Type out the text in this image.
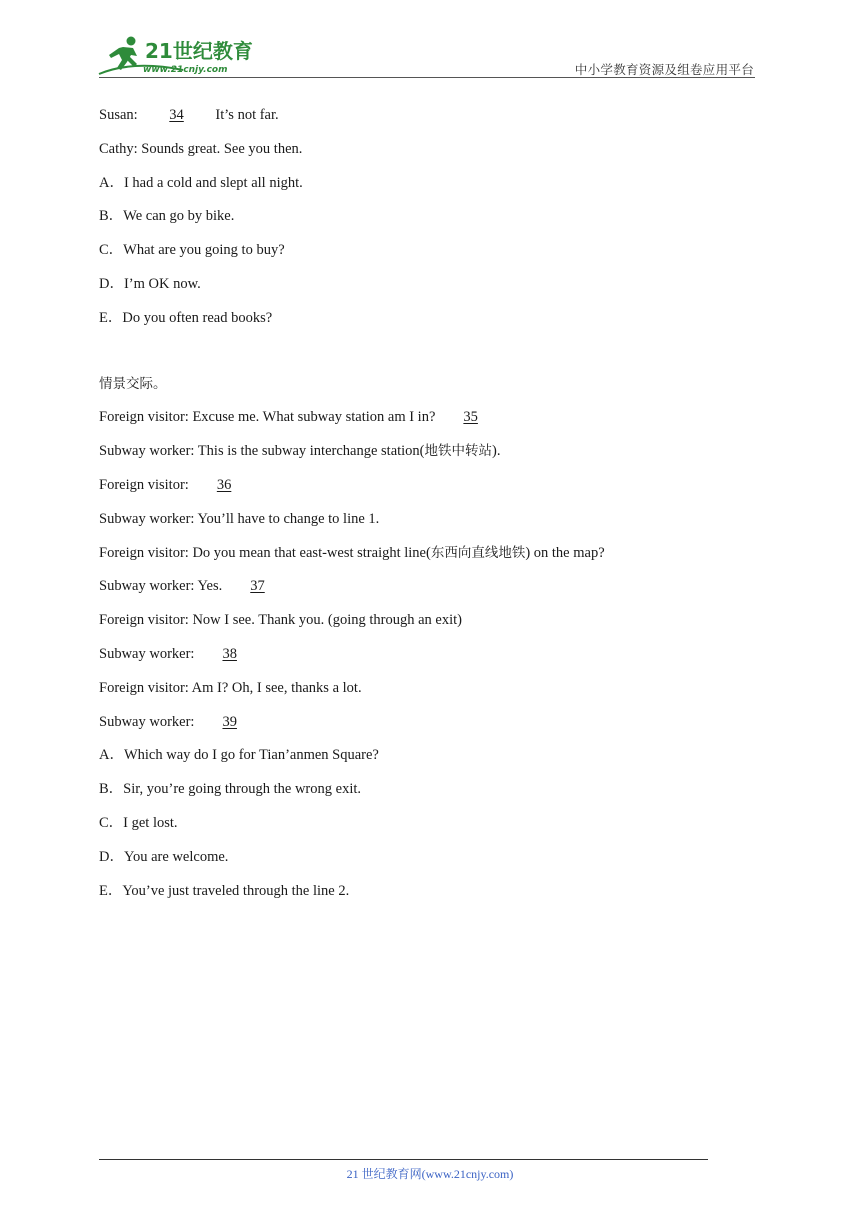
21世纪教育
www.21cnjy.com	中小学教育资源及组卷应用平台
Susan: 34 It’s not far.
Cathy: Sounds great. See you then.
A．I had a cold and slept all night.
B．We can go by bike.
C．What are you going to buy?
D．I’m OK now.
E．Do you often read books?
情景交际。
Foreign visitor: Excuse me. What subway station am I in? 35
Subway worker: This is the subway interchange station(地铁中转站).
Foreign visitor: 36
Subway worker: You’ll have to change to line 1.
Foreign visitor: Do you mean that east-west straight line(东西向直线地铁) on the map?
Subway worker: Yes. 37
Foreign visitor: Now I see. Thank you. (going through an exit)
Subway worker: 38
Foreign visitor: Am I? Oh, I see, thanks a lot.
Subway worker: 39
A．Which way do I go for Tian’anmen Square?
B．Sir, you’re going through the wrong exit.
C．I get lost.
D．You are welcome.
E．You’ve just traveled through the line 2.
21 世纪教育网(www.21cnjy.com)
